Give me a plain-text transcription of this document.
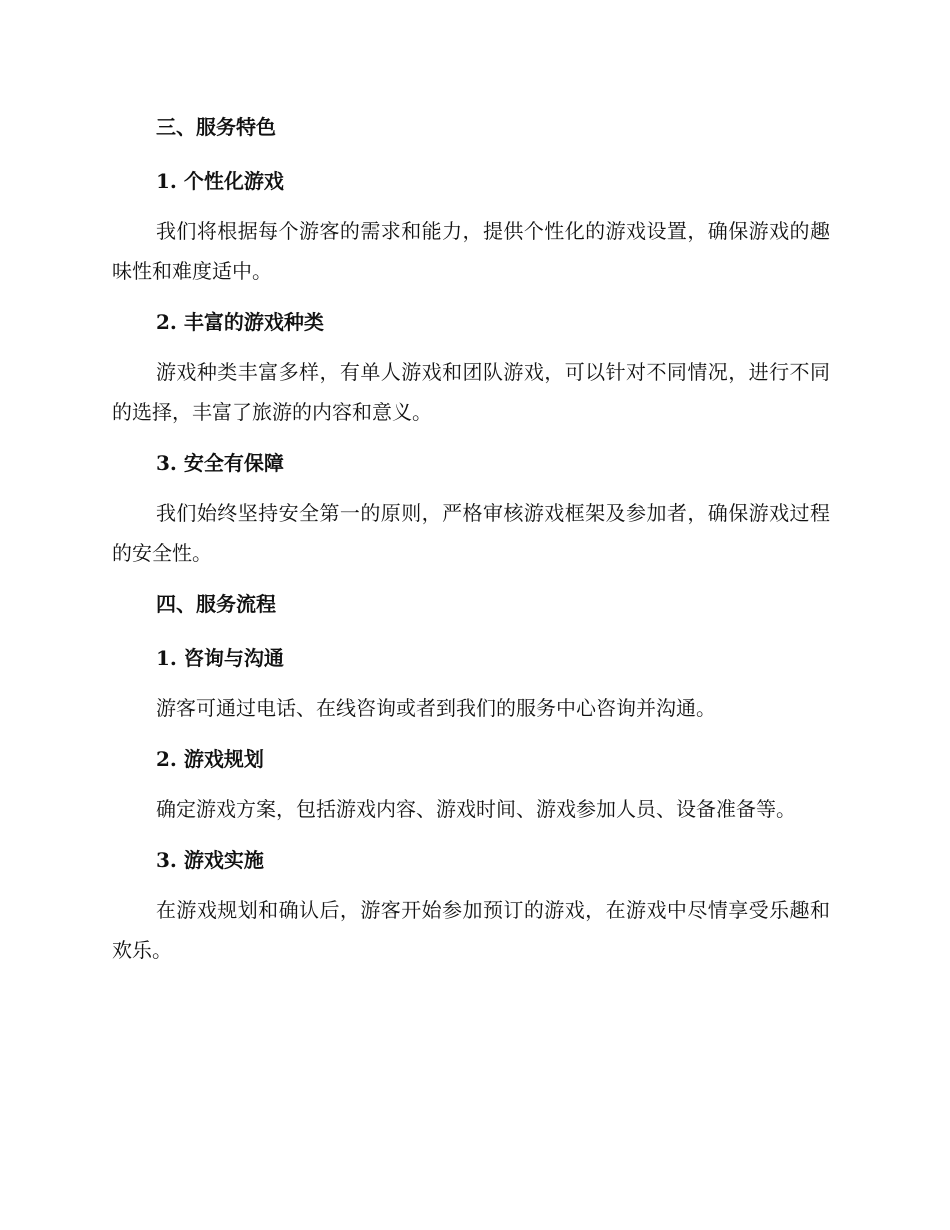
三、服务特色
1. 个性化游戏

我们将根据每个游客的需求和能力，提供个性化的游戏设置，确保游戏的趣味性和难度适中。

2. 丰富的游戏种类

游戏种类丰富多样，有单人游戏和团队游戏，可以针对不同情况，进行不同的选择，丰富了旅游的内容和意义。

3. 安全有保障

我们始终坚持安全第一的原则，严格审核游戏框架及参加者，确保游戏过程的安全性。

四、服务流程
1. 咨询与沟通

游客可通过电话、在线咨询或者到我们的服务中心咨询并沟通。

2. 游戏规划

确定游戏方案，包括游戏内容、游戏时间、游戏参加人员、设备准备等。

3. 游戏实施

在游戏规划和确认后，游客开始参加预订的游戏，在游戏中尽情享受乐趣和欢乐。
